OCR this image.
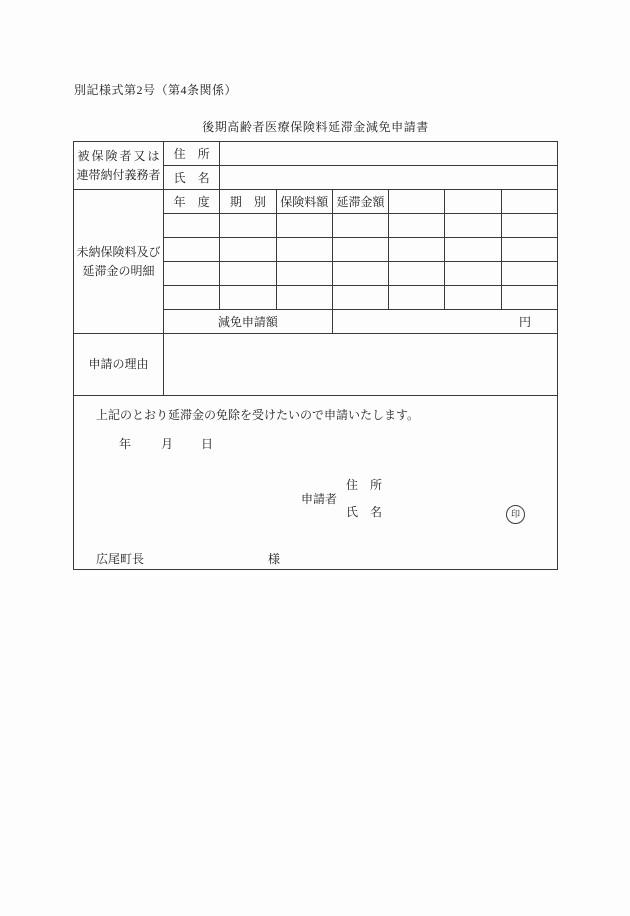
別記様式第2号（第4条関係）
後期高齢者医療保険料延滞金減免申請書
被保険者又は
連帯納付義務者	住　所						
	氏　名						
未納保険料及び
延滞金の明細	年　度	期　別	保険料額	延滞金額			

	減免申請額			円			
申請の理由							

上記のとおり延滞金の免除を受けたいので申請いたします。
年 月 日
申請者
住　所
氏　名	印
広尾町長	様
